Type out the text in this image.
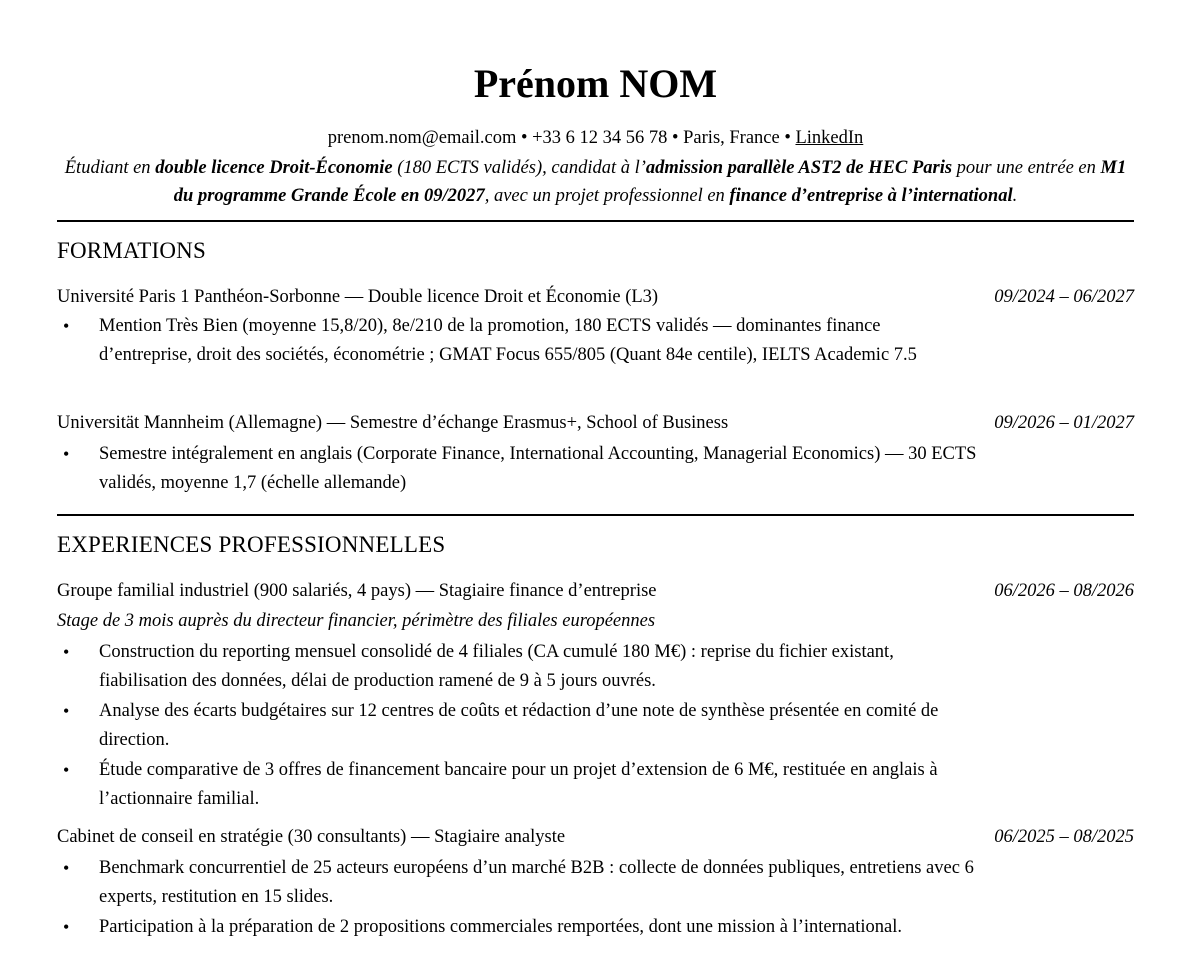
Prénom NOM
prenom.nom@email.com • +33 6 12 34 56 78 • Paris, France • LinkedIn
Étudiant en double licence Droit-Économie (180 ECTS validés), candidat à l’admission parallèle AST2 de HEC Paris pour une entrée en M1 du programme Grande École en 09/2027, avec un projet professionnel en finance d’entreprise à l’international.
FORMATIONS
Université Paris 1 Panthéon-Sorbonne — Double licence Droit et Économie (L3)	09/2024 – 06/2027
• Mention Très Bien (moyenne 15,8/20), 8e/210 de la promotion, 180 ECTS validés — dominantes finance d’entreprise, droit des sociétés, économétrie ; GMAT Focus 655/805 (Quant 84e centile), IELTS Academic 7.5
Universität Mannheim (Allemagne) — Semestre d’échange Erasmus+, School of Business	09/2026 – 01/2027
• Semestre intégralement en anglais (Corporate Finance, International Accounting, Managerial Economics) — 30 ECTS validés, moyenne 1,7 (échelle allemande)
EXPERIENCES PROFESSIONNELLES
Groupe familial industriel (900 salariés, 4 pays) — Stagiaire finance d’entreprise	06/2026 – 08/2026
Stage de 3 mois auprès du directeur financier, périmètre des filiales européennes
• Construction du reporting mensuel consolidé de 4 filiales (CA cumulé 180 M€) : reprise du fichier existant, fiabilisation des données, délai de production ramené de 9 à 5 jours ouvrés.
• Analyse des écarts budgétaires sur 12 centres de coûts et rédaction d’une note de synthèse présentée en comité de direction.
• Étude comparative de 3 offres de financement bancaire pour un projet d’extension de 6 M€, restituée en anglais à l’actionnaire familial.
Cabinet de conseil en stratégie (30 consultants) — Stagiaire analyste	06/2025 – 08/2025
• Benchmark concurrentiel de 25 acteurs européens d’un marché B2B : collecte de données publiques, entretiens avec 6 experts, restitution en 15 slides.
• Participation à la préparation de 2 propositions commerciales remportées, dont une mission à l’international.
